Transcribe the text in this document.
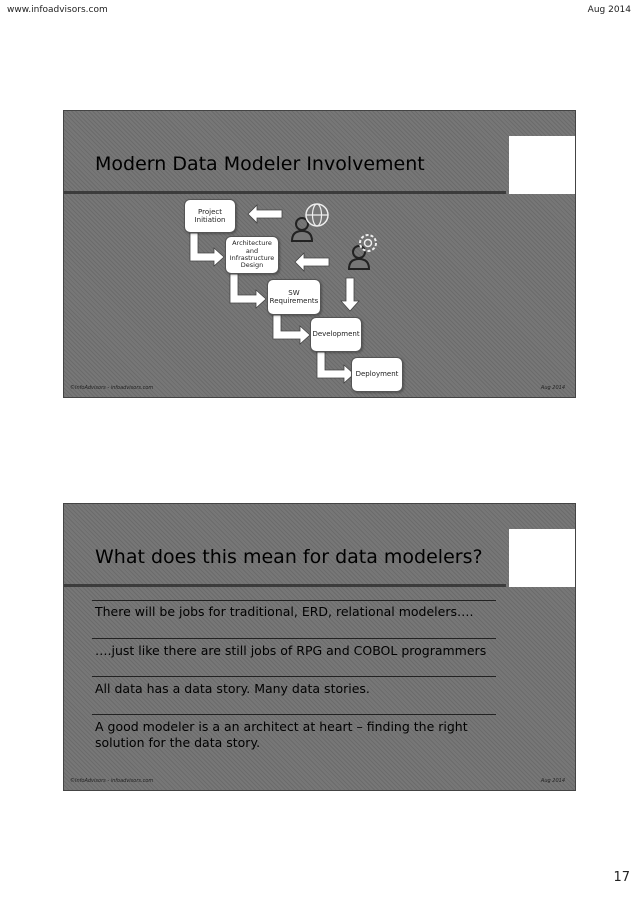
www.infoadvisors.com	Aug 2014
Modern Data Modeler Involvement
Project
Initiation
Architecture
and
Infrastructure
Design
SW
Requirements
Development
Deployment
©InfoAdvisors - infoadvisors.com	Aug 2014
What does this mean for data modelers?
There will be jobs for traditional, ERD, relational modelers….
….just like there are still jobs of RPG and COBOL programmers
All data has a data story. Many data stories.
A good modeler is a an architect at heart – finding the right solution for the data story.
©InfoAdvisors - infoadvisors.com	Aug 2014
17
